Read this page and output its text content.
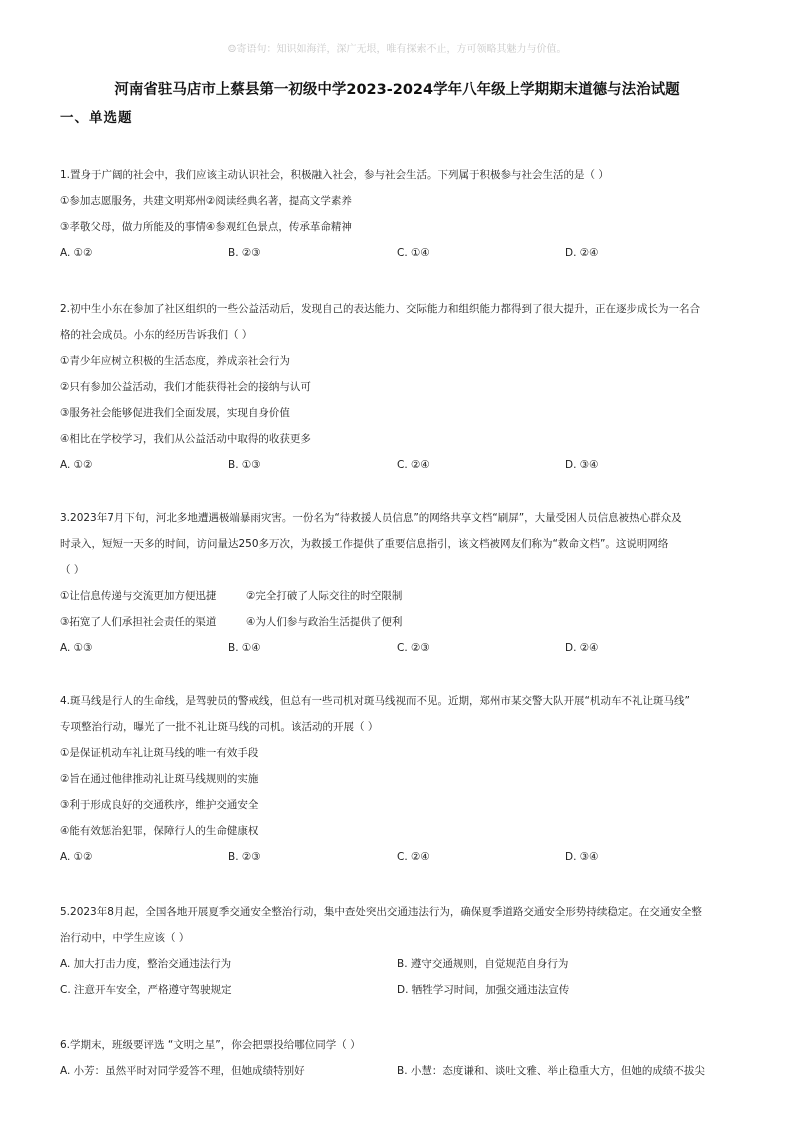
☺寄语句：知识如海洋，深广无垠，唯有探索不止，方可领略其魅力与价值。
河南省驻马店市上蔡县第一初级中学2023-2024学年八年级上学期期末道德与法治试题
一、单选题
1.置身于广阔的社会中，我们应该主动认识社会，积极融入社会，参与社会生活。下列属于积极参与社会生活的是（ ）
①参加志愿服务，共建文明郑州②阅读经典名著，提高文学素养
③孝敬父母，做力所能及的事情④参观红色景点，传承革命精神
A. ①②	B. ②③	C. ①④	D. ②④
2.初中生小东在参加了社区组织的一些公益活动后，发现自己的表达能力、交际能力和组织能力都得到了很大提升，正在逐步成长为一名合
格的社会成员。小东的经历告诉我们（ ）
①青少年应树立积极的生活态度，养成亲社会行为
②只有参加公益活动，我们才能获得社会的接纳与认可
③服务社会能够促进我们全面发展，实现自身价值
④相比在学校学习，我们从公益活动中取得的收获更多
A. ①②	B. ①③	C. ②④	D. ③④
3.2023年7月下旬，河北多地遭遇极端暴雨灾害。一份名为“待救援人员信息”的网络共享文档“刷屏”，大量受困人员信息被热心群众及
时录入，短短一天多的时间，访问量达250多万次，为救援工作提供了重要信息指引，该文档被网友们称为“救命文档”。这说明网络
（ ）
①让信息传递与交流更加方便迅捷	②完全打破了人际交往的时空限制
③拓宽了人们承担社会责任的渠道	④为人们参与政治生活提供了便利
A. ①③	B. ①④	C. ②③	D. ②④
4.斑马线是行人的生命线，是驾驶员的警戒线，但总有一些司机对斑马线视而不见。近期，郑州市某交警大队开展“机动车不礼让斑马线”
专项整治行动，曝光了一批不礼让斑马线的司机。该活动的开展（ ）
①是保证机动车礼让斑马线的唯一有效手段
②旨在通过他律推动礼让斑马线规则的实施
③利于形成良好的交通秩序，维护交通安全
④能有效惩治犯罪，保障行人的生命健康权
A. ①②	B. ②③	C. ②④	D. ③④
5.2023年8月起，全国各地开展夏季交通安全整治行动，集中查处突出交通违法行为，确保夏季道路交通安全形势持续稳定。在交通安全整
治行动中，中学生应该（ ）
A. 加大打击力度，整治交通违法行为	B. 遵守交通规则，自觉规范自身行为
C. 注意开车安全，严格遵守驾驶规定	D. 牺牲学习时间，加强交通违法宣传
6.学期末，班级要评选 “文明之星”，你会把票投给哪位同学（ ）
A. 小芳：虽然平时对同学爱答不理，但她成绩特别好	B. 小慧：态度谦和、谈吐文雅、举止稳重大方，但她的成绩不拔尖
